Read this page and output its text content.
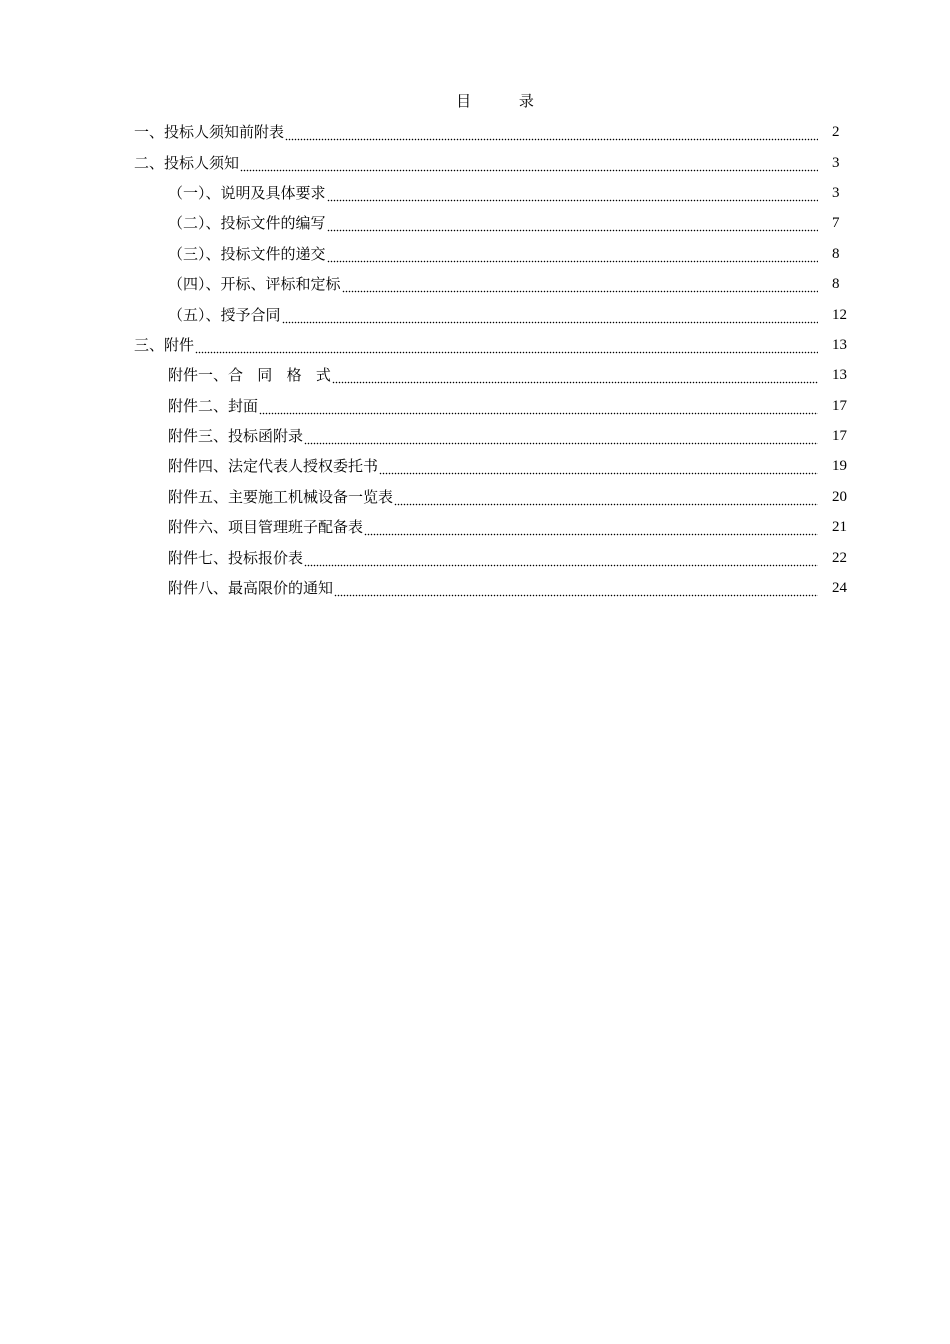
目          录
一、投标人须知前附表	2
二、投标人须知	3
（一）、说明及具体要求	3
（二）、投标文件的编写	7
（三）、投标文件的递交	8
（四）、开标、评标和定标	8
（五）、授予合同	12
三、附件	13
附件一、合   同   格   式	13
附件二、封面	17
附件三、投标函附录	17
附件四、法定代表人授权委托书	19
附件五、主要施工机械设备一览表	20
附件六、项目管理班子配备表	21
附件七、投标报价表	22
附件八、最高限价的通知	24
